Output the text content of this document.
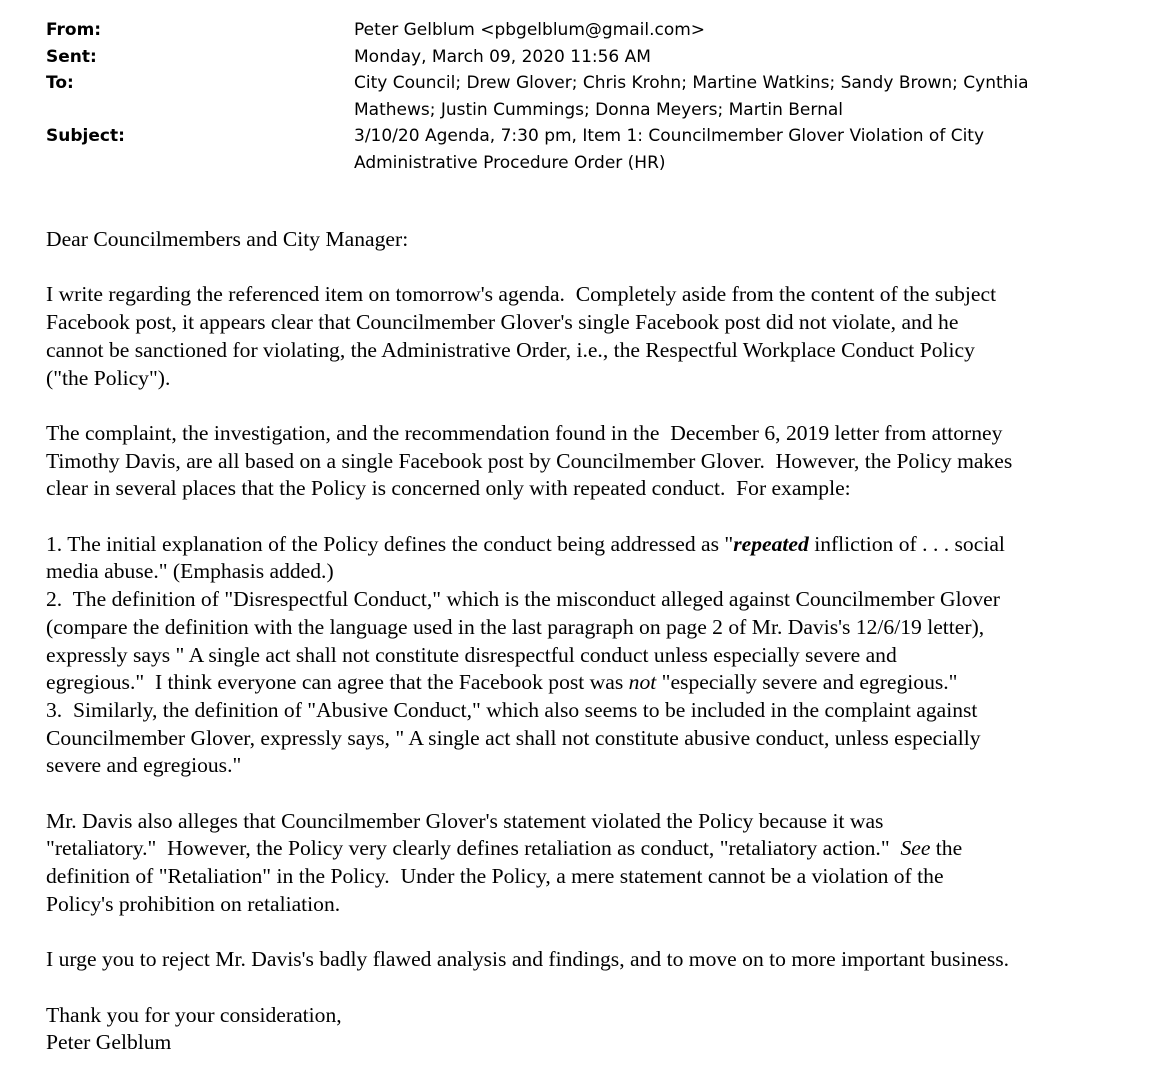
From:	Peter Gelblum <pbgelblum@gmail.com>
Sent:	Monday, March 09, 2020 11:56 AM
To:	City Council; Drew Glover; Chris Krohn; Martine Watkins; Sandy Brown; Cynthia
Mathews; Justin Cummings; Donna Meyers; Martin Bernal
Subject:	3/10/20 Agenda, 7:30 pm, Item 1: Councilmember Glover Violation of City
Administrative Procedure Order (HR)
Dear Councilmembers and City Manager:
I write regarding the referenced item on tomorrow's agenda.  Completely aside from the content of the subject
Facebook post, it appears clear that Councilmember Glover's single Facebook post did not violate, and he
cannot be sanctioned for violating, the Administrative Order, i.e., the Respectful Workplace Conduct Policy
("the Policy").
The complaint, the investigation, and the recommendation found in the  December 6, 2019 letter from attorney
Timothy Davis, are all based on a single Facebook post by Councilmember Glover.  However, the Policy makes
clear in several places that the Policy is concerned only with repeated conduct.  For example:
1. The initial explanation of the Policy defines the conduct being addressed as "repeated infliction of . . . social
media abuse." (Emphasis added.)
2.  The definition of "Disrespectful Conduct," which is the misconduct alleged against Councilmember Glover
(compare the definition with the language used in the last paragraph on page 2 of Mr. Davis's 12/6/19 letter),
expressly says " A single act shall not constitute disrespectful conduct unless especially severe and
egregious."  I think everyone can agree that the Facebook post was not "especially severe and egregious."
3.  Similarly, the definition of "Abusive Conduct," which also seems to be included in the complaint against
Councilmember Glover, expressly says, " A single act shall not constitute abusive conduct, unless especially
severe and egregious."
Mr. Davis also alleges that Councilmember Glover's statement violated the Policy because it was
"retaliatory."  However, the Policy very clearly defines retaliation as conduct, "retaliatory action."  See the
definition of "Retaliation" in the Policy.  Under the Policy, a mere statement cannot be a violation of the
Policy's prohibition on retaliation.
I urge you to reject Mr. Davis's badly flawed analysis and findings, and to move on to more important business.
Thank you for your consideration,
Peter Gelblum
